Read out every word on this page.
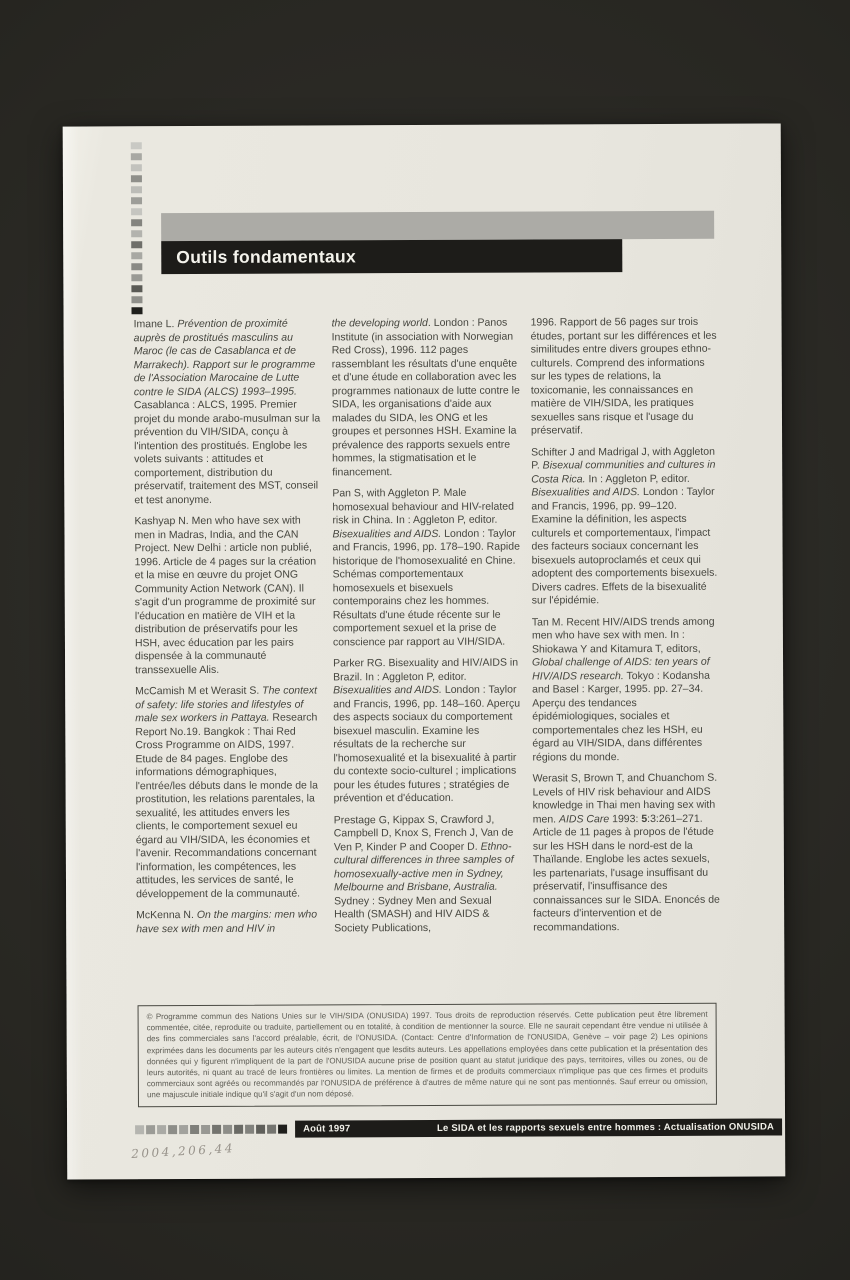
Outils fondamentaux

Imane L. Prévention de proximité auprès de prostitués masculins au Maroc (le cas de Casablanca et de Marrakech). Rapport sur le programme de l'Association Marocaine de Lutte contre le SIDA (ALCS) 1993–1995. Casablanca : ALCS, 1995. Premier projet du monde arabo-musulman sur la prévention du VIH/SIDA, conçu à l'intention des prostitués. Englobe les volets suivants : attitudes et comportement, distribution du préservatif, traitement des MST, conseil et test anonyme.

Kashyap N. Men who have sex with men in Madras, India, and the CAN Project. New Delhi : article non publié, 1996. Article de 4 pages sur la création et la mise en œuvre du projet ONG Community Action Network (CAN). Il s'agit d'un programme de proximité sur l'éducation en matière de VIH et la distribution de préservatifs pour les HSH, avec éducation par les pairs dispensée à la communauté transsexuelle Alis.

McCamish M et Werasit S. The context of safety: life stories and lifestyles of male sex workers in Pattaya. Research Report No.19. Bangkok : Thai Red Cross Programme on AIDS, 1997. Etude de 84 pages. Englobe des informations démographiques, l'entrée/les débuts dans le monde de la prostitution, les relations parentales, la sexualité, les attitudes envers les clients, le comportement sexuel eu égard au VIH/SIDA, les économies et l'avenir. Recommandations concernant l'information, les compétences, les attitudes, les services de santé, le développement de la communauté.

McKenna N. On the margins: men who have sex with men and HIV in

the developing world. London : Panos Institute (in association with Norwegian Red Cross), 1996. 112 pages rassemblant les résultats d'une enquête et d'une étude en collaboration avec les programmes nationaux de lutte contre le SIDA, les organisations d'aide aux malades du SIDA, les ONG et les groupes et personnes HSH. Examine la prévalence des rapports sexuels entre hommes, la stigmatisation et le financement.

Pan S, with Aggleton P. Male homosexual behaviour and HIV-related risk in China. In : Aggleton P, editor. Bisexualities and AIDS. London : Taylor and Francis, 1996, pp. 178–190. Rapide historique de l'homosexualité en Chine. Schémas comportementaux homosexuels et bisexuels contemporains chez les hommes. Résultats d'une étude récente sur le comportement sexuel et la prise de conscience par rapport au VIH/SIDA.

Parker RG. Bisexuality and HIV/AIDS in Brazil. In : Aggleton P, editor. Bisexualities and AIDS. London : Taylor and Francis, 1996, pp. 148–160. Aperçu des aspects sociaux du comportement bisexuel masculin. Examine les résultats de la recherche sur l'homosexualité et la bisexualité à partir du contexte socio-culturel ; implications pour les études futures ; stratégies de prévention et d'éducation.

Prestage G, Kippax S, Crawford J, Campbell D, Knox S, French J, Van de Ven P, Kinder P and Cooper D. Ethno-cultural differences in three samples of homosexually-active men in Sydney, Melbourne and Brisbane, Australia. Sydney : Sydney Men and Sexual Health (SMASH) and HIV AIDS & Society Publications,

1996. Rapport de 56 pages sur trois études, portant sur les différences et les similitudes entre divers groupes ethno-culturels. Comprend des informations sur les types de relations, la toxicomanie, les connaissances en matière de VIH/SIDA, les pratiques sexuelles sans risque et l'usage du préservatif.

Schifter J and Madrigal J, with Aggleton P. Bisexual communities and cultures in Costa Rica. In : Aggleton P, editor. Bisexualities and AIDS. London : Taylor and Francis, 1996, pp. 99–120. Examine la définition, les aspects culturels et comportementaux, l'impact des facteurs sociaux concernant les bisexuels autoproclamés et ceux qui adoptent des comportements bisexuels. Divers cadres. Effets de la bisexualité sur l'épidémie.

Tan M. Recent HIV/AIDS trends among men who have sex with men. In : Shiokawa Y and Kitamura T, editors, Global challenge of AIDS: ten years of HIV/AIDS research. Tokyo : Kodansha and Basel : Karger, 1995. pp. 27–34. Aperçu des tendances épidémiologiques, sociales et comportementales chez les HSH, eu égard au VIH/SIDA, dans différentes régions du monde.

Werasit S, Brown T, and Chuanchom S. Levels of HIV risk behaviour and AIDS knowledge in Thai men having sex with men. AIDS Care 1993: 5:3:261–271. Article de 11 pages à propos de l'étude sur les HSH dans le nord-est de la Thaïlande. Englobe les actes sexuels, les partenariats, l'usage insuffisant du préservatif, l'insuffisance des connaissances sur le SIDA. Enoncés de facteurs d'intervention et de recommandations.

© Programme commun des Nations Unies sur le VIH/SIDA (ONUSIDA) 1997. Tous droits de reproduction réservés. Cette publication peut être librement commentée, citée, reproduite ou traduite, partiellement ou en totalité, à condition de mentionner la source. Elle ne saurait cependant être vendue ni utilisée à des fins commerciales sans l'accord préalable, écrit, de l'ONUSIDA. (Contact: Centre d'Information de l'ONUSIDA, Genève – voir page 2) Les opinions exprimées dans les documents par les auteurs cités n'engagent que lesdits auteurs. Les appellations employées dans cette publication et la présentation des données qui y figurent n'impliquent de la part de l'ONUSIDA aucune prise de position quant au statut juridique des pays, territoires, villes ou zones, ou de leurs autorités, ni quant au tracé de leurs frontières ou limites. La mention de firmes et de produits commerciaux n'implique pas que ces firmes et produits commerciaux sont agréés ou recommandés par l'ONUSIDA de préférence à d'autres de même nature qui ne sont pas mentionnés. Sauf erreur ou omission, une majuscule initiale indique qu'il s'agit d'un nom déposé.

Août 1997	Le SIDA et les rapports sexuels entre hommes : Actualisation ONUSIDA
2004,206,44
